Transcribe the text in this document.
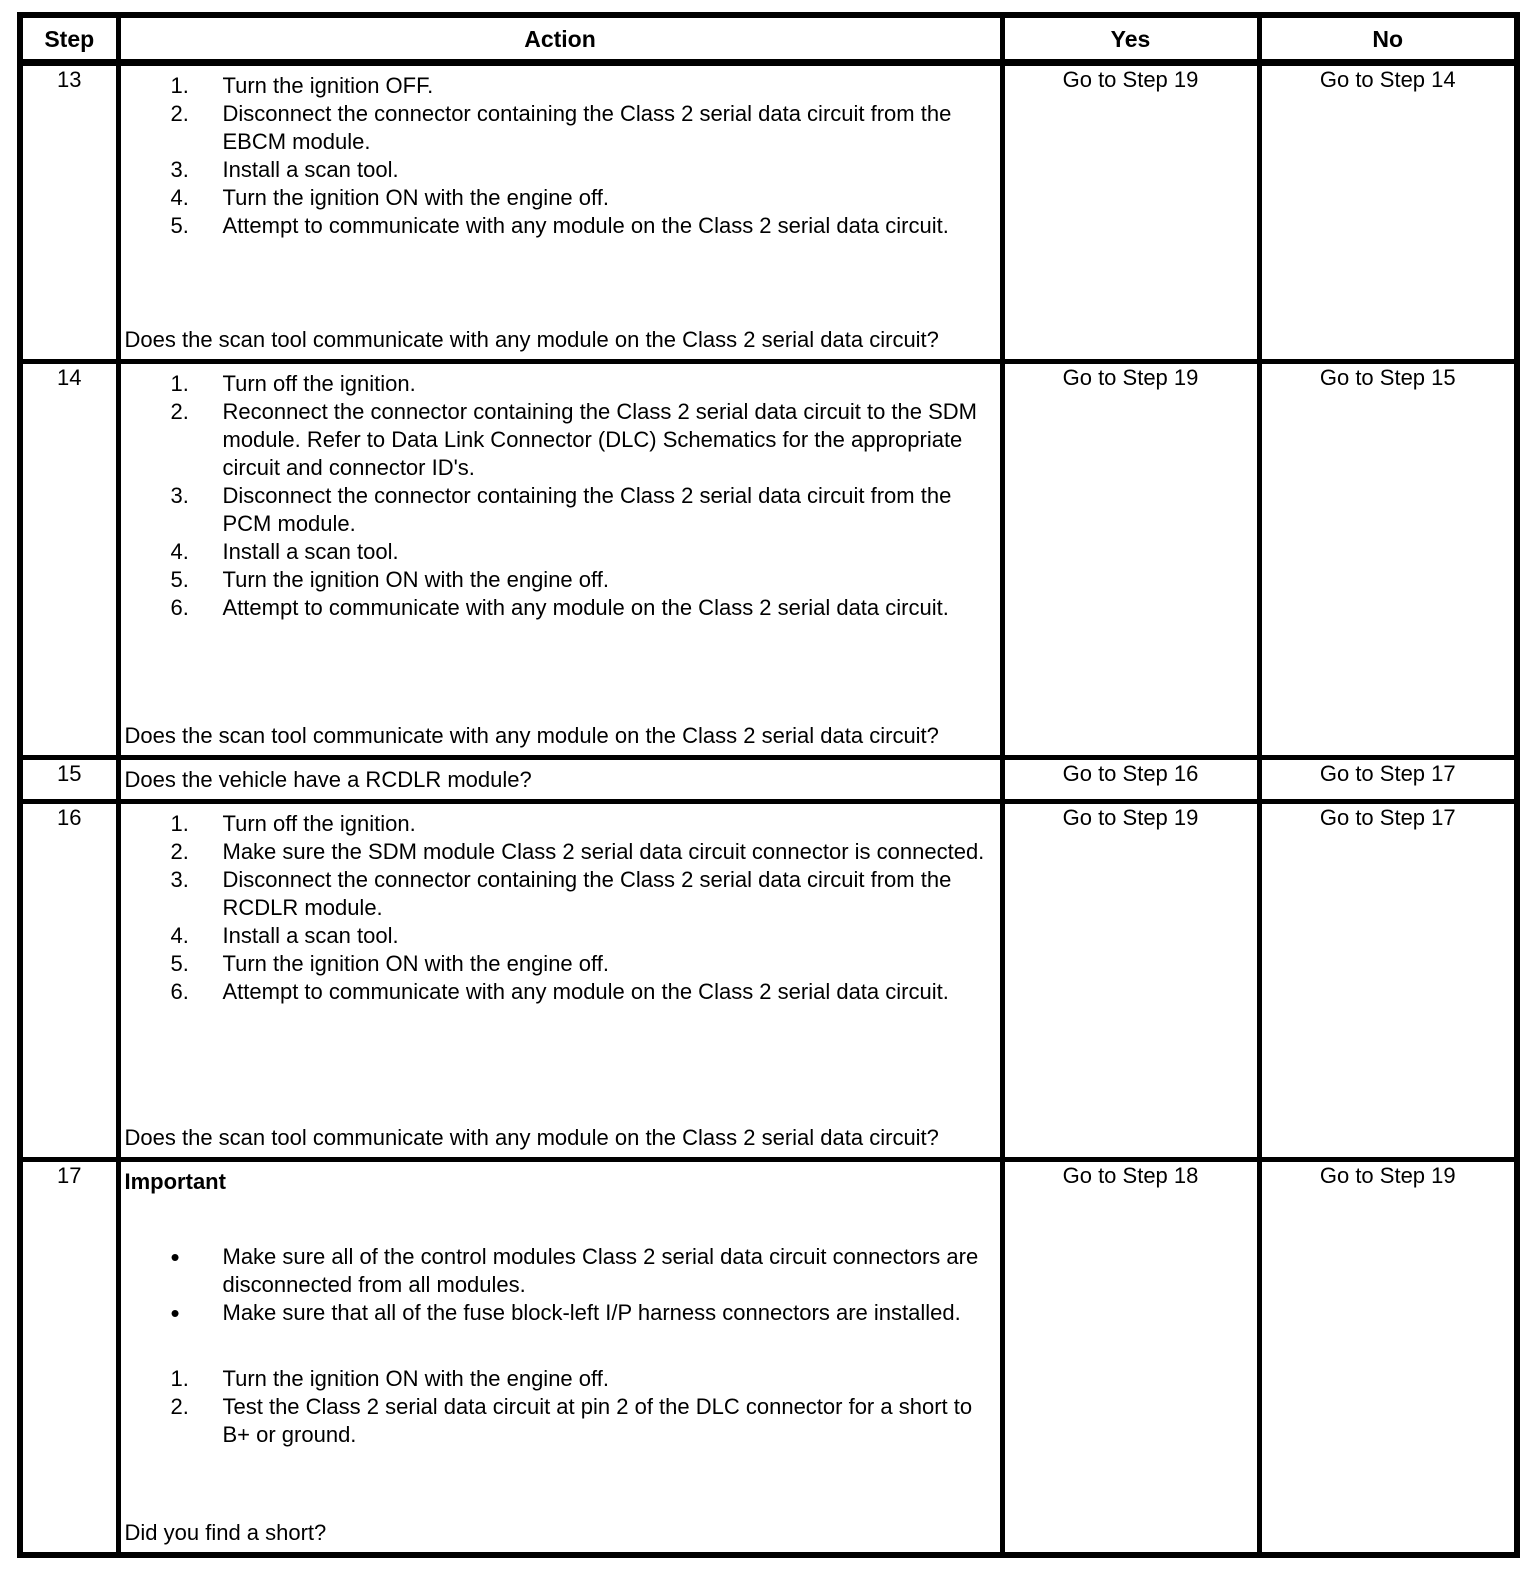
Step	Action	Yes	No
13	1.	Turn the ignition OFF.
2.	Disconnect the connector containing the Class 2 serial data circuit from the EBCM module.
3.	Install a scan tool.
4.	Turn the ignition ON with the engine off.
5.	Attempt to communicate with any module on the Class 2 serial data circuit.
Does the scan tool communicate with any module on the Class 2 serial data circuit?
	Go to Step 19	Go to Step 14
14	1.	Turn off the ignition.
2.	Reconnect the connector containing the Class 2 serial data circuit to the SDM module. Refer to Data Link Connector (DLC) Schematics for the appropriate circuit and connector ID's.
3.	Disconnect the connector containing the Class 2 serial data circuit from the PCM module.
4.	Install a scan tool.
5.	Turn the ignition ON with the engine off.
6.	Attempt to communicate with any module on the Class 2 serial data circuit.
Does the scan tool communicate with any module on the Class 2 serial data circuit?
	Go to Step 19	Go to Step 15
15	Does the vehicle have a RCDLR module?	Go to Step 16	Go to Step 17
16	1.	Turn off the ignition.
2.	Make sure the SDM module Class 2 serial data circuit connector is connected.
3.	Disconnect the connector containing the Class 2 serial data circuit from the RCDLR module.
4.	Install a scan tool.
5.	Turn the ignition ON with the engine off.
6.	Attempt to communicate with any module on the Class 2 serial data circuit.
Does the scan tool communicate with any module on the Class 2 serial data circuit?
	Go to Step 19	Go to Step 17
17	Important
•	Make sure all of the control modules Class 2 serial data circuit connectors are disconnected from all modules.
•	Make sure that all of the fuse block-left I/P harness connectors are installed.
1.	Turn the ignition ON with the engine off.
2.	Test the Class 2 serial data circuit at pin 2 of the DLC connector for a short to B+ or ground.
Did you find a short?
	Go to Step 18	Go to Step 19
